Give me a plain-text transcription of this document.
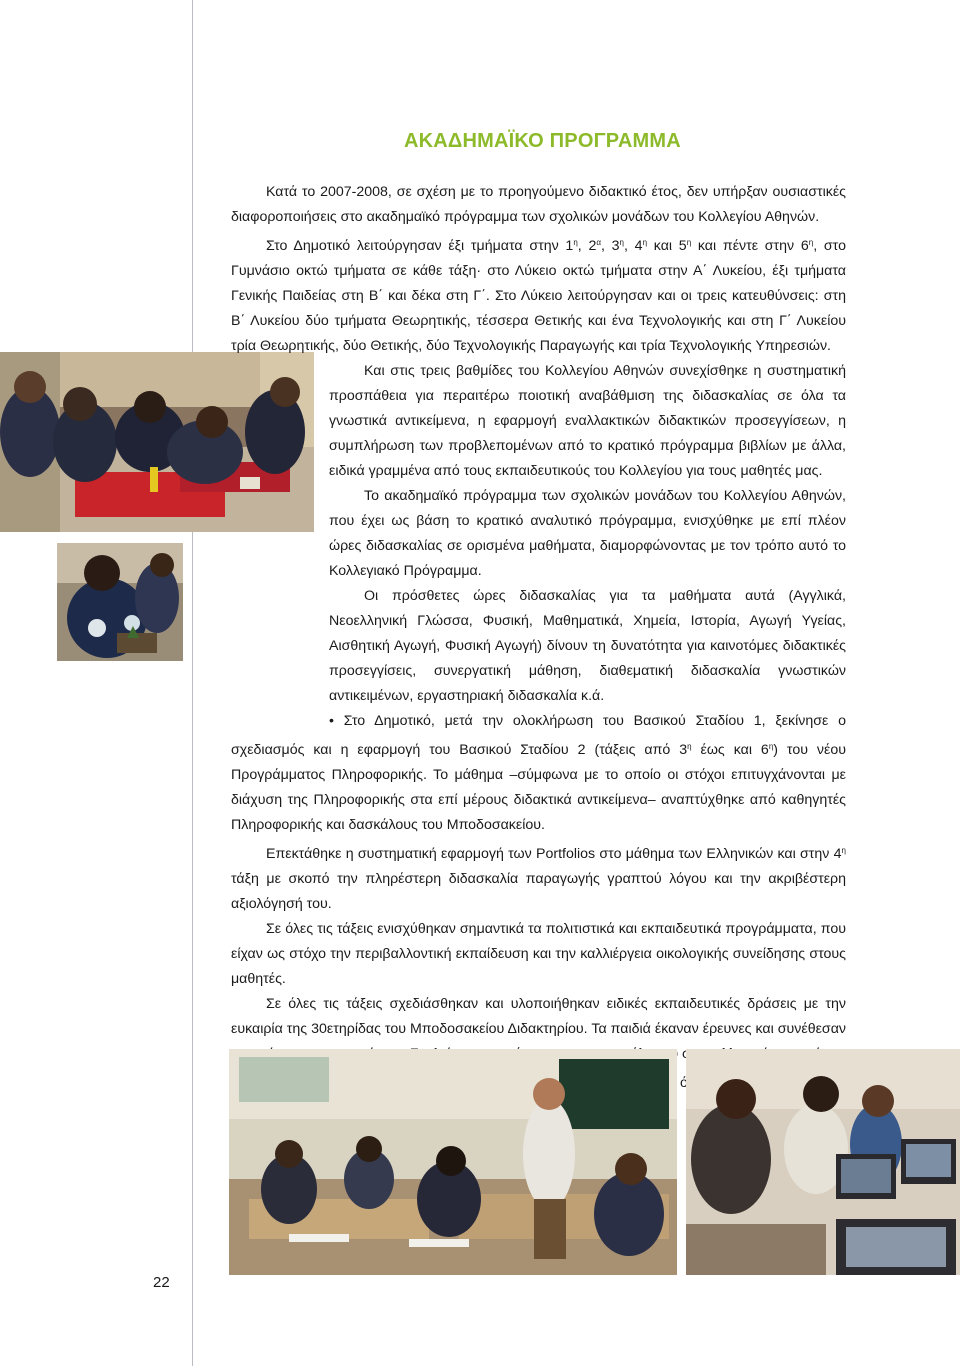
ΑΚΑΔΗΜΑΪΚΟ ΠΡΟΓΡΑΜΜΑ

Κατά το 2007-2008, σε σχέση με το προηγούμενο διδακτικό έτος, δεν υπήρξαν ουσιαστικές διαφοροποιήσεις στο ακαδημαϊκό πρόγραμμα των σχολικών μονάδων του Κολλεγίου Αθηνών.

Στο Δημοτικό λειτούργησαν έξι τμήματα στην $1^\eta$, $2^\alpha$, $3^\eta$, $4^\eta$ και $5^\eta$ και πέντε στην $6^\eta$, στο Γυμνάσιο οκτώ τμήματα σε κάθε τάξη· στο Λύκειο οκτώ τμήματα στην Α΄ Λυκείου, έξι τμήματα Γενικής Παιδείας στη Β΄ και δέκα στη Γ΄. Στο Λύκειο λειτούργησαν και οι τρεις κατευθύνσεις: στη Β΄ Λυκείου δύο τμήματα Θεωρητικής, τέσσερα Θετικής και ένα Τεχνολογικής και στη Γ΄ Λυκείου τρία Θεωρητικής, δύο Θετικής, δύο Τεχνολογικής Παραγωγής και τρία Τεχνολογικής Υπηρεσιών.

Και στις τρεις βαθμίδες του Κολλεγίου Αθηνών συνεχίσθηκε η συστηματική προσπάθεια για περαιτέρω ποιοτική αναβάθμιση της διδασκαλίας σε όλα τα γνωστικά αντικείμενα, η εφαρμογή εναλλακτικών διδακτικών προσεγγίσεων, η συμπλήρωση των προβλεπομένων από το κρατικό πρόγραμμα βιβλίων με άλλα, ειδικά γραμμένα από τους εκπαιδευτικούς του Κολλεγίου για τους μαθητές μας.

Το ακαδημαϊκό πρόγραμμα των σχολικών μονάδων του Κολλεγίου Αθηνών, που έχει ως βάση το κρατικό αναλυτικό πρόγραμμα, ενισχύθηκε με επί πλέον ώρες διδασκαλίας σε ορισμένα μαθήματα, διαμορφώνοντας με τον τρόπο αυτό το Κολλεγιακό Πρόγραμμα.

Οι πρόσθετες ώρες διδασκαλίας για τα μαθήματα αυτά (Αγγλικά, Νεοελληνική Γλώσσα, Φυσική, Μαθηματικά, Χημεία, Ιστορία, Αγωγή Υγείας, Αισθητική Αγωγή, Φυσική Αγωγή) δίνουν τη δυνατότητα για καινοτόμες διδακτικές προσεγγίσεις, συνεργατική μάθηση, διαθεματική διδασκαλία γνωστικών αντικειμένων, εργαστηριακή διδασκαλία κ.ά.

• Στο Δημοτικό, μετά την ολοκλήρωση του Βασικού Σταδίου 1, ξεκίνησε ο σχεδιασμός και η εφαρμογή του Βασικού Σταδίου 2 (τάξεις από $3^\eta$ έως και $6^\eta$) του νέου Προγράμματος Πληροφορικής. Το μάθημα –σύμφωνα με το οποίο οι στόχοι επιτυγχάνονται με διάχυση της Πληροφορικής στα επί μέρους διδακτικά αντικείμενα– αναπτύχθηκε από καθηγητές Πληροφορικής και δασκάλους του Μποδοσακείου.

Επεκτάθηκε η συστηματική εφαρμογή των Portfolios στο μάθημα των Ελληνικών και στην $4^\eta$ τάξη με σκοπό την πληρέστερη διδασκαλία παραγωγής γραπτού λόγου και την ακριβέστερη αξιολόγησή του.

Σε όλες τις τάξεις ενισχύθηκαν σημαντικά τα πολιτιστικά και εκπαιδευτικά προγράμματα, που είχαν ως στόχο την περιβαλλοντική εκπαίδευση και την καλλιέργεια οικολογικής συνείδησης στους μαθητές.

Σε όλες τις τάξεις σχεδιάσθηκαν και υλοποιήθηκαν ειδικές εκπαιδευτικές δράσεις με την ευκαιρία της 30ετηρίδας του Μποδοσακείου Διδακτηρίου. Τα παιδιά έκαναν έρευνες και συνέθεσαν

22
